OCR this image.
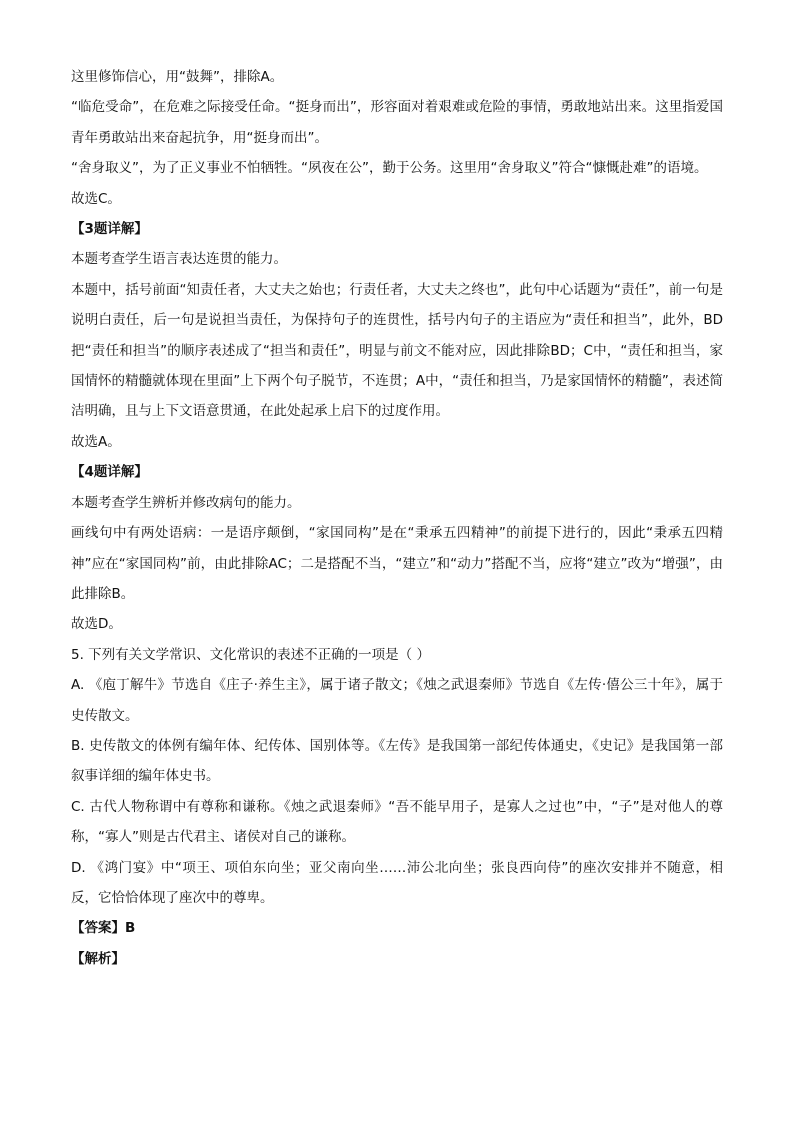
这里修饰信心，用“鼓舞”，排除A。

“临危受命”，在危难之际接受任命。“挺身而出”，形容面对着艰难或危险的事情，勇敢地站出来。这里指爱国青年勇敢站出来奋起抗争，用“挺身而出”。

“舍身取义”，为了正义事业不怕牺牲。“夙夜在公”，勤于公务。这里用“舍身取义”符合“慷慨赴难”的语境。

故选C。

【3题详解】

本题考查学生语言表达连贯的能力。

本题中，括号前面“知责任者，大丈夫之始也；行责任者，大丈夫之终也”，此句中心话题为“责任”，前一句是说明白责任，后一句是说担当责任，为保持句子的连贯性，括号内句子的主语应为“责任和担当”，此外，BD把“责任和担当”的顺序表述成了“担当和责任”，明显与前文不能对应，因此排除BD；C中，“责任和担当，家国情怀的精髓就体现在里面”上下两个句子脱节，不连贯；A中，“责任和担当，乃是家国情怀的精髓”，表述简洁明确，且与上下文语意贯通，在此处起承上启下的过度作用。

故选A。

【4题详解】

本题考查学生辨析并修改病句的能力。

画线句中有两处语病：一是语序颠倒，“家国同构”是在“秉承五四精神”的前提下进行的，因此“秉承五四精神”应在“家国同构”前，由此排除AC；二是搭配不当，“建立”和“动力”搭配不当，应将“建立”改为“增强”，由此排除B。

故选D。

5. 下列有关文学常识、文化常识的表述不正确的一项是（ ）

A. 《庖丁解牛》节选自《庄子·养生主》，属于诸子散文；《烛之武退秦师》节选自《左传·僖公三十年》，属于史传散文。

B. 史传散文的体例有编年体、纪传体、国别体等。《左传》是我国第一部纪传体通史，《史记》是我国第一部叙事详细的编年体史书。

C. 古代人物称谓中有尊称和谦称。《烛之武退秦师》“吾不能早用子，是寡人之过也”中，“子”是对他人的尊称，“寡人”则是古代君主、诸侯对自己的谦称。

D. 《鸿门宴》中“项王、项伯东向坐；亚父南向坐……沛公北向坐；张良西向侍”的座次安排并不随意，相反，它恰恰体现了座次中的尊卑。

【答案】B

【解析】
